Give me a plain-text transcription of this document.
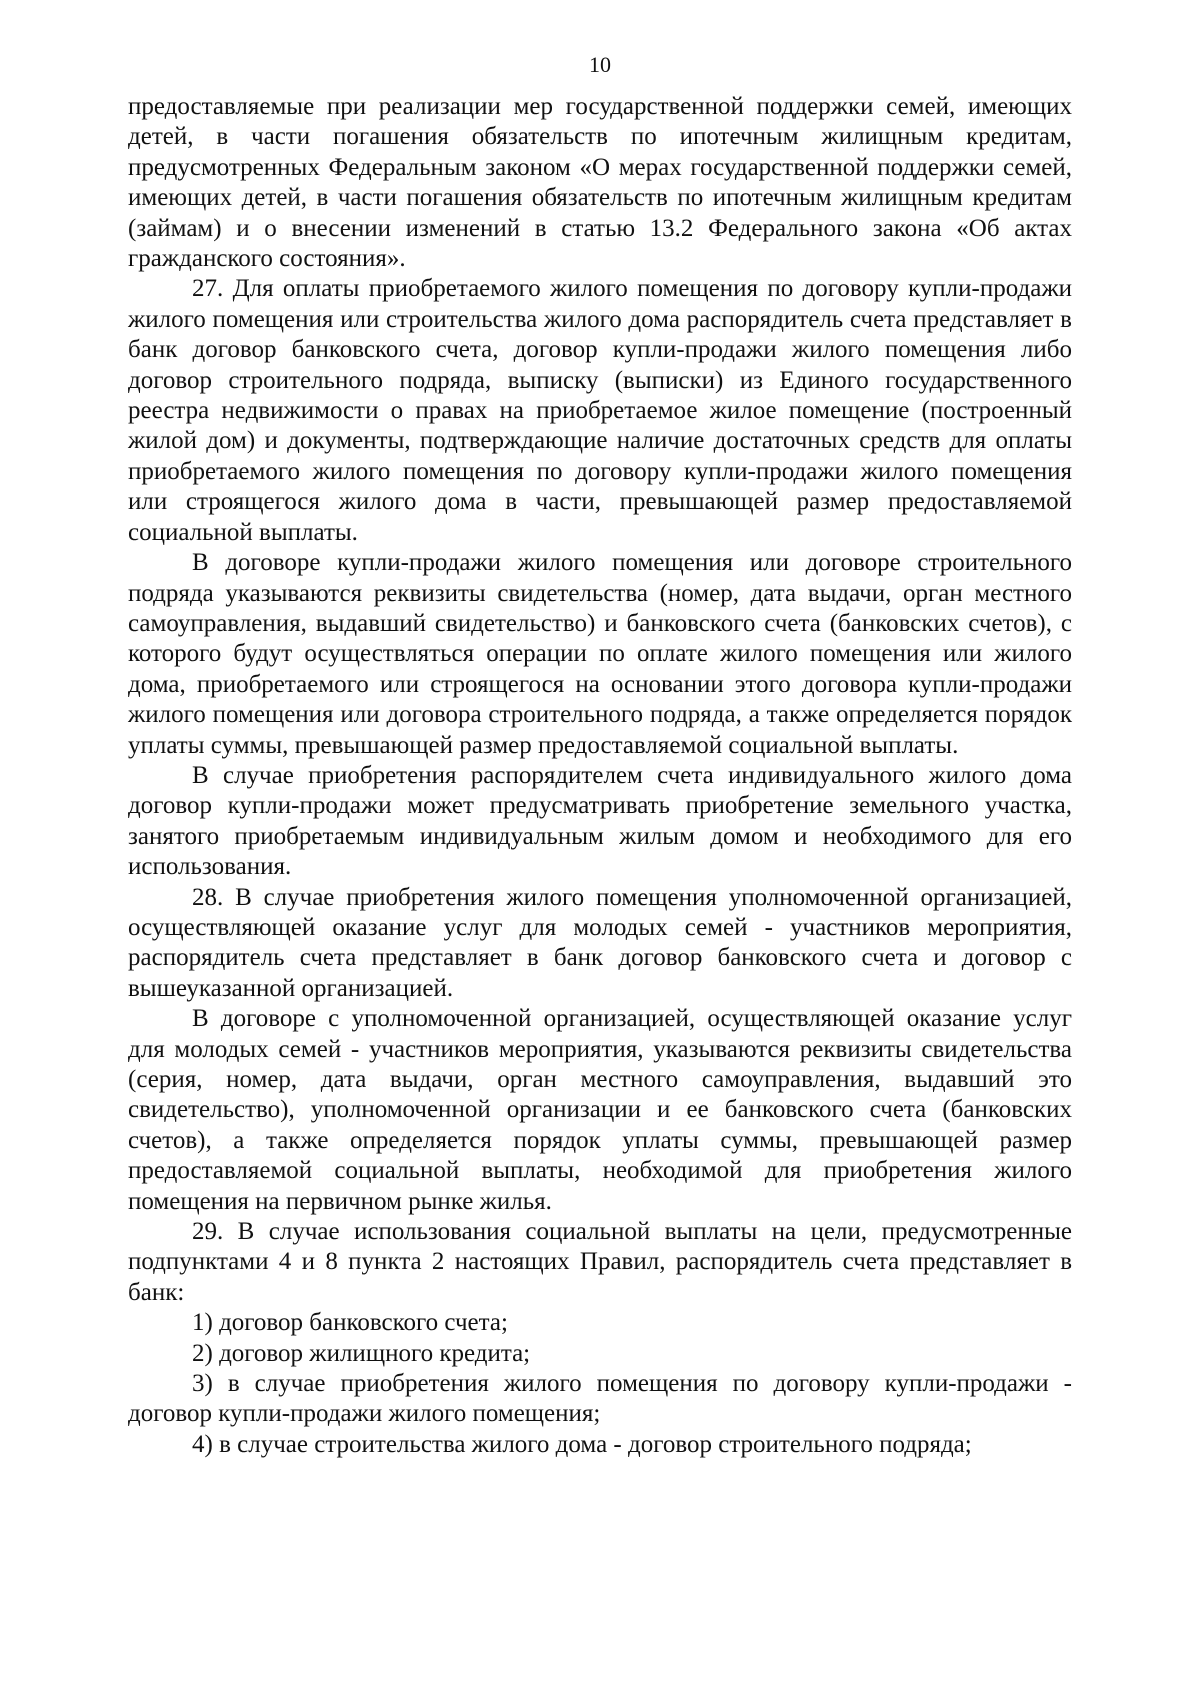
10

предоставляемые при реализации мер государственной поддержки семей, имеющих детей, в части погашения обязательств по ипотечным жилищным кредитам, предусмотренных Федеральным законом «О мерах государственной поддержки семей, имеющих детей, в части погашения обязательств по ипотечным жилищным кредитам (займам) и о внесении изменений в статью 13.2 Федерального закона «Об актах гражданского состояния».

27. Для оплаты приобретаемого жилого помещения по договору купли-продажи жилого помещения или строительства жилого дома распорядитель счета представляет в банк договор банковского счета, договор купли-продажи жилого помещения либо договор строительного подряда, выписку (выписки) из Единого государственного реестра недвижимости о правах на приобретаемое жилое помещение (построенный жилой дом) и документы, подтверждающие наличие достаточных средств для оплаты приобретаемого жилого помещения по договору купли-продажи жилого помещения или строящегося жилого дома в части, превышающей размер предоставляемой социальной выплаты.

В договоре купли-продажи жилого помещения или договоре строительного подряда указываются реквизиты свидетельства (номер, дата выдачи, орган местного самоуправления, выдавший свидетельство) и банковского счета (банковских счетов), с которого будут осуществляться операции по оплате жилого помещения или жилого дома, приобретаемого или строящегося на основании этого договора купли-продажи жилого помещения или договора строительного подряда, а также определяется порядок уплаты суммы, превышающей размер предоставляемой социальной выплаты.

В случае приобретения распорядителем счета индивидуального жилого дома договор купли-продажи может предусматривать приобретение земельного участка, занятого приобретаемым индивидуальным жилым домом и необходимого для его использования.

28. В случае приобретения жилого помещения уполномоченной организацией, осуществляющей оказание услуг для молодых семей - участников мероприятия, распорядитель счета представляет в банк договор банковского счета и договор с вышеуказанной организацией.

В договоре с уполномоченной организацией, осуществляющей оказание услуг для молодых семей - участников мероприятия, указываются реквизиты свидетельства (серия, номер, дата выдачи, орган местного самоуправления, выдавший это свидетельство), уполномоченной организации и ее банковского счета (банковских счетов), а также определяется порядок уплаты суммы, превышающей размер предоставляемой социальной выплаты, необходимой для приобретения жилого помещения на первичном рынке жилья.

29. В случае использования социальной выплаты на цели, предусмотренные подпунктами 4 и 8 пункта 2 настоящих Правил, распорядитель счета представляет в банк:

1) договор банковского счета;

2) договор жилищного кредита;

3) в случае приобретения жилого помещения по договору купли-продажи - договор купли-продажи жилого помещения;

4) в случае строительства жилого дома - договор строительного подряда;
